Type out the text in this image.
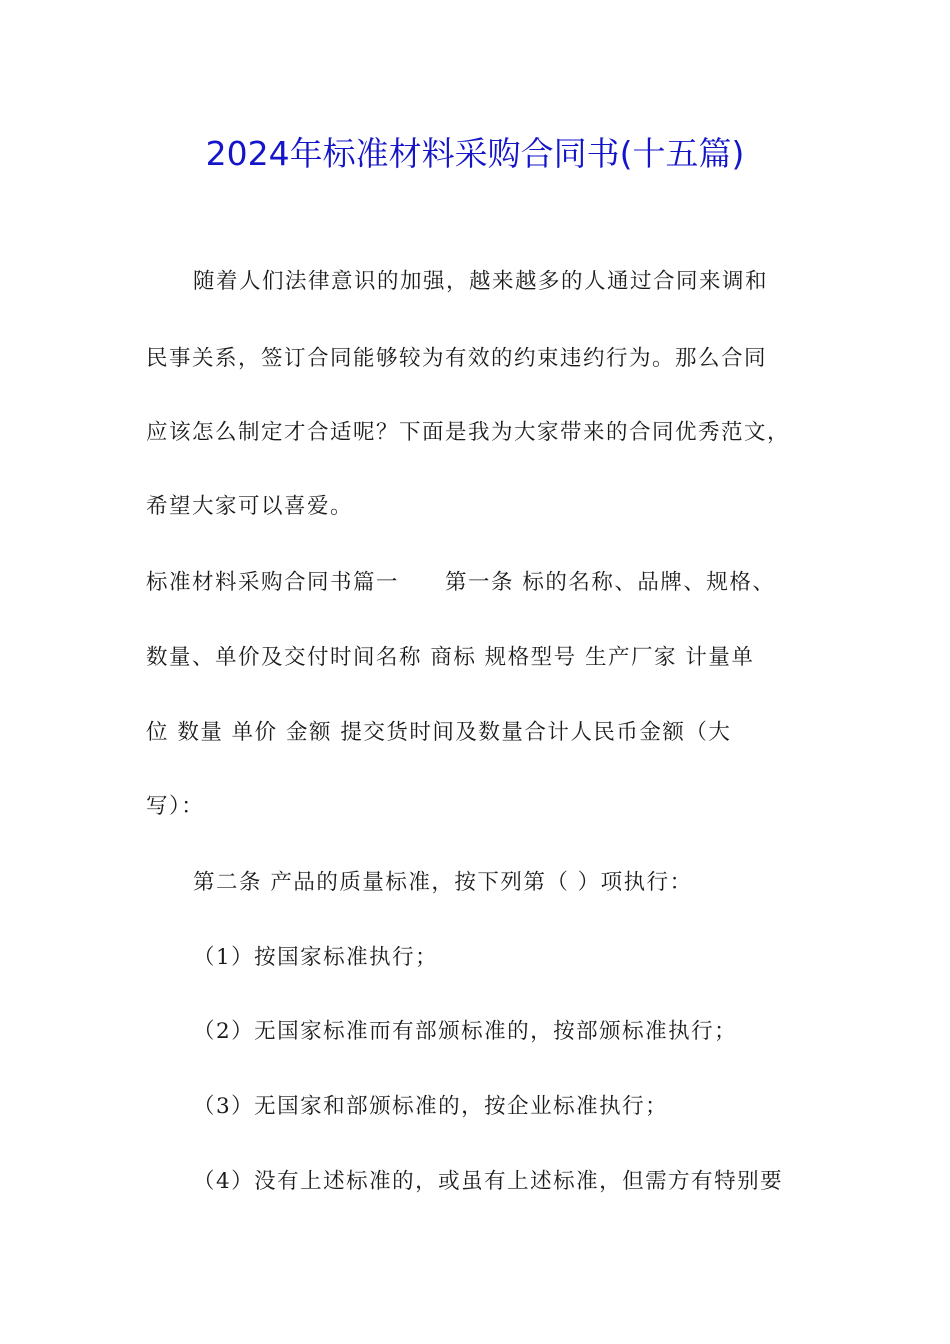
2024年标准材料采购合同书(十五篇)
随着人们法律意识的加强，越来越多的人通过合同来调和
民事关系，签订合同能够较为有效的约束违约行为。那么合同
应该怎么制定才合适呢？下面是我为大家带来的合同优秀范文，
希望大家可以喜爱。
标准材料采购合同书篇一　　第一条 标的名称、品牌、规格、
数量、单价及交付时间名称 商标 规格型号 生产厂家 计量单
位 数量 单价 金额 提交货时间及数量合计人民币金额（大
写）：
第二条 产品的质量标准，按下列第（ ）项执行：
（1）按国家标准执行；
（2）无国家标准而有部颁标准的，按部颁标准执行；
（3）无国家和部颁标准的，按企业标准执行；
（4）没有上述标准的，或虽有上述标准，但需方有特别要
